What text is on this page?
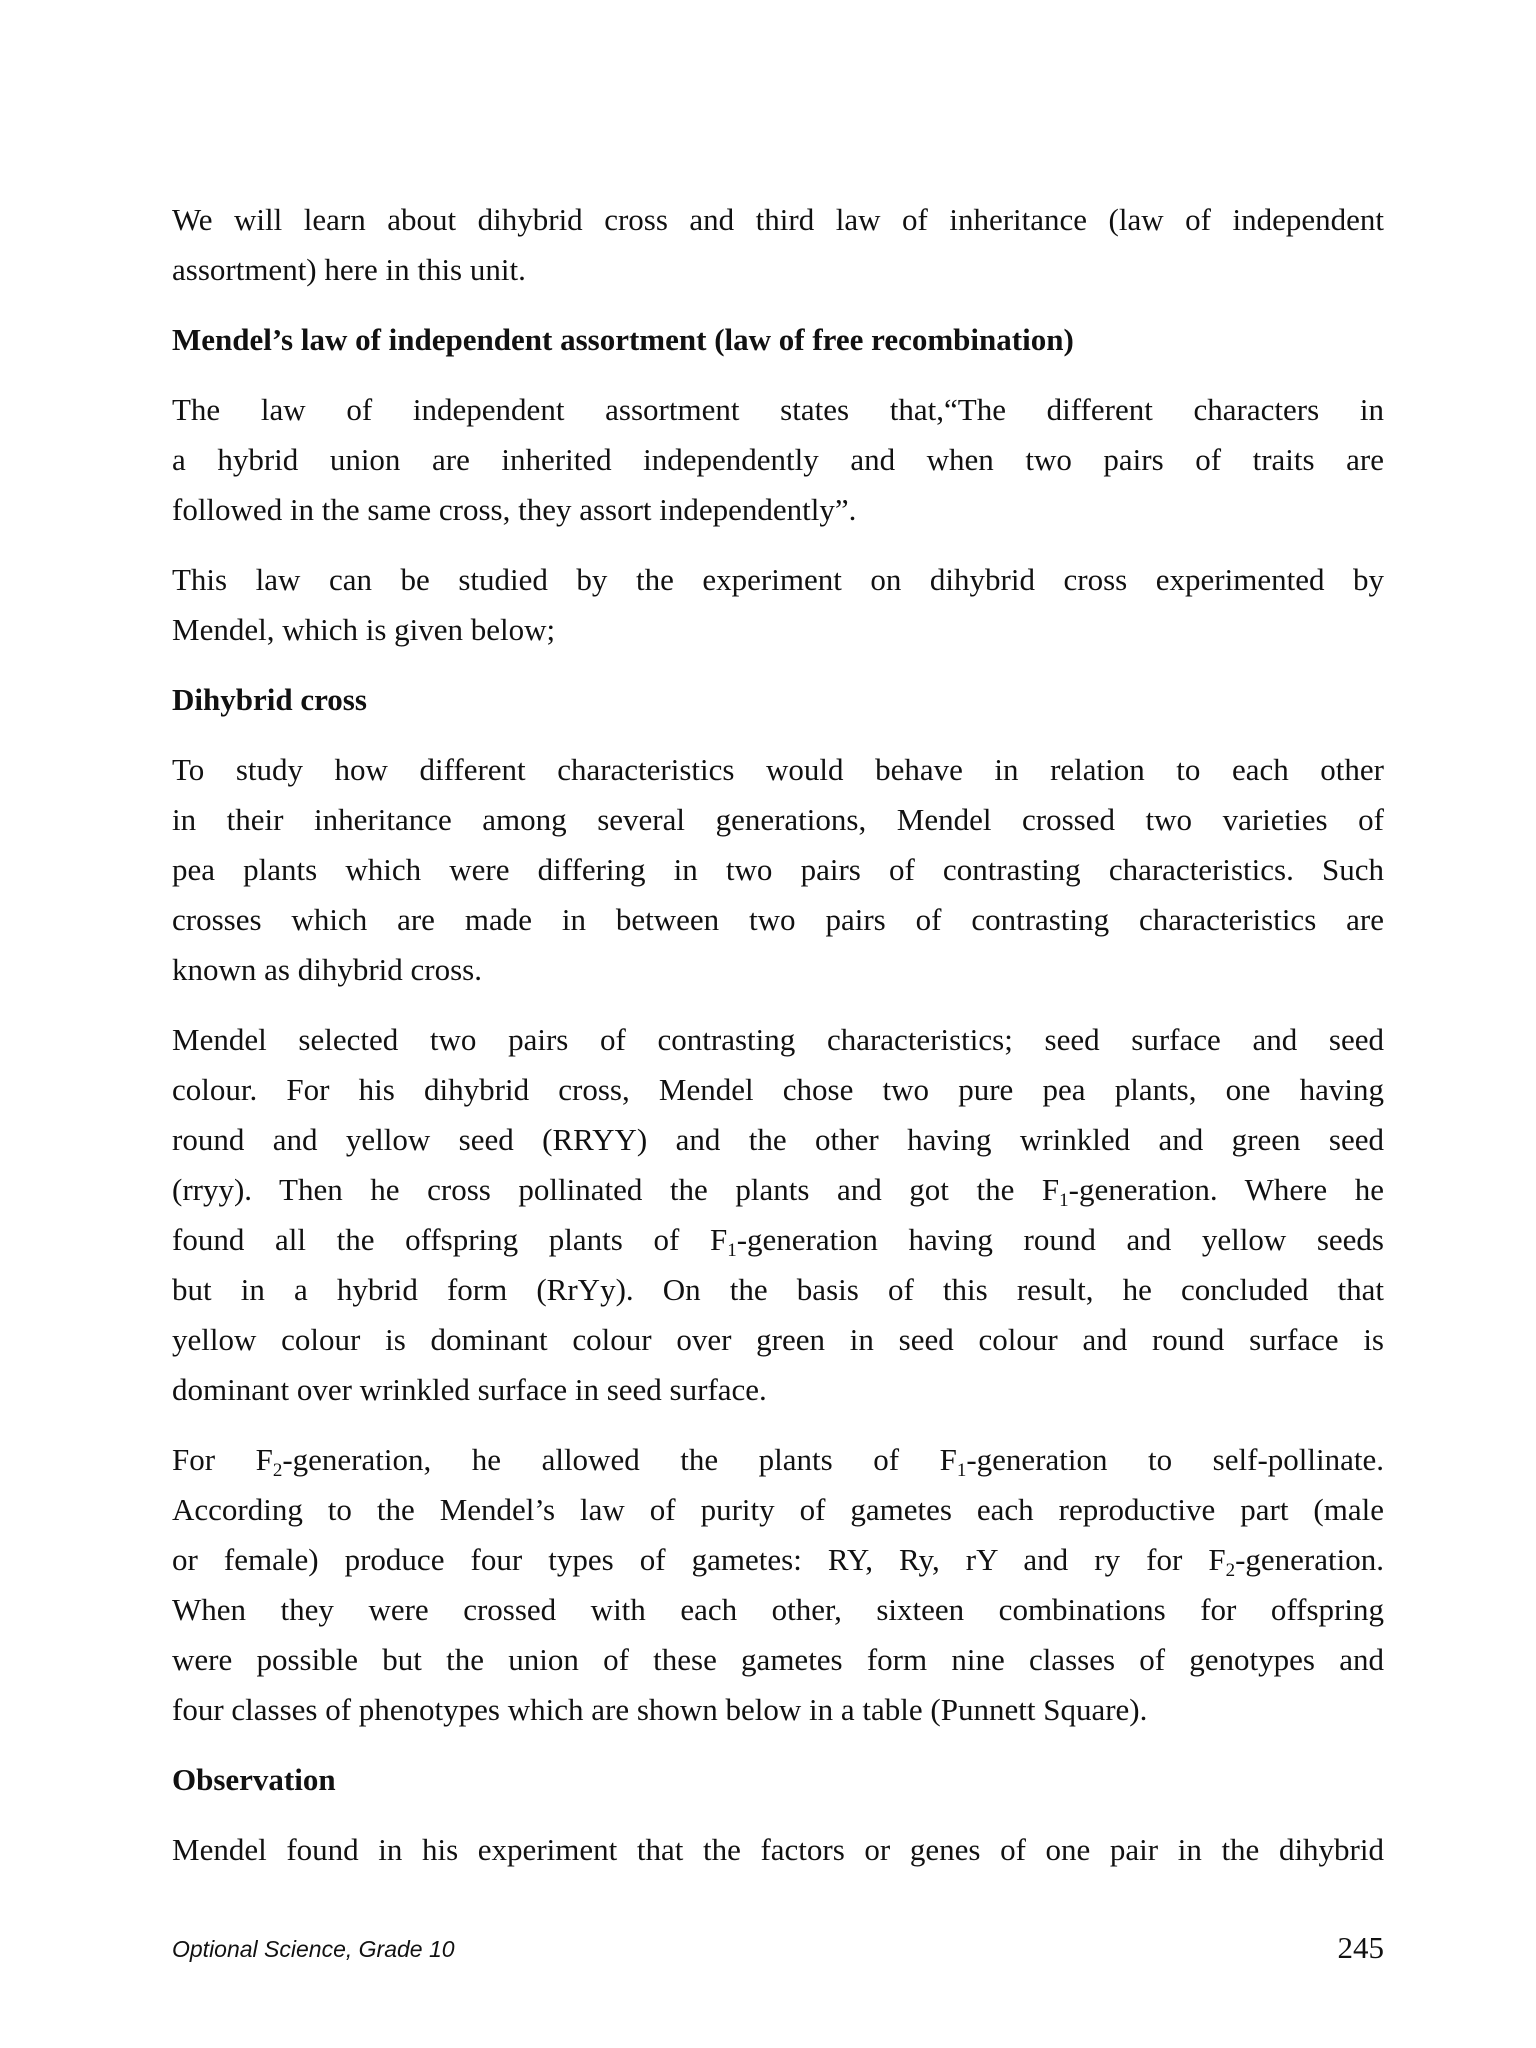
We will learn about dihybrid cross and third law of inheritance (law of independent
assortment) here in this unit.
Mendel’s law of independent assortment (law of free recombination)
The law of independent assortment states that,“The different characters in
a hybrid union are inherited independently and when two pairs of traits are
followed in the same cross, they assort independently”.
This law can be studied by the experiment on dihybrid cross experimented by
Mendel, which is given below;
Dihybrid cross
To study how different characteristics would behave in relation to each other
in their inheritance among several generations, Mendel crossed two varieties of
pea plants which were differing in two pairs of contrasting characteristics. Such
crosses which are made in between two pairs of contrasting characteristics are
known as dihybrid cross.
Mendel selected two pairs of contrasting characteristics; seed surface and seed
colour. For his dihybrid cross, Mendel chose two pure pea plants, one having
round and yellow seed (RRYY) and the other having wrinkled and green seed
(rryy). Then he cross pollinated the plants and got the $F_1$-generation. Where he
found all the offspring plants of $F_1$-generation having round and yellow seeds
but in a hybrid form (RrYy). On the basis of this result, he concluded that
yellow colour is dominant colour over green in seed colour and round surface is
dominant over wrinkled surface in seed surface.
For $F_2$-generation, he allowed the plants of $F_1$-generation to self-pollinate.
According to the Mendel’s law of purity of gametes each reproductive part (male
or female) produce four types of gametes: RY, Ry, rY and ry for $F_2$-generation.
When they were crossed with each other, sixteen combinations for offspring
were possible but the union of these gametes form nine classes of genotypes and
four classes of phenotypes which are shown below in a table (Punnett Square).
Observation
Mendel found in his experiment that the factors or genes of one pair in the dihybrid
Optional Science, Grade 10	245
